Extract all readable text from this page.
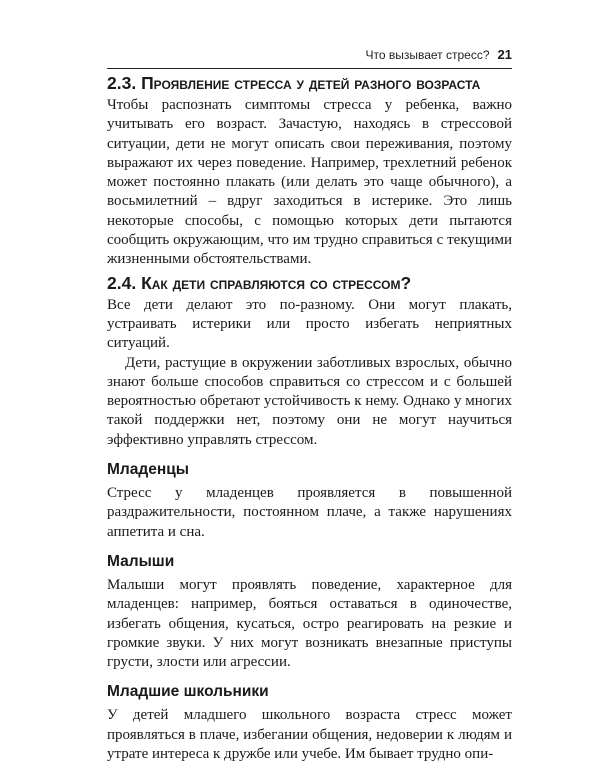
Что вызывает стресс? 21
2.3. Проявление стресса у детей разного возраста

Чтобы распознать симптомы стресса у ребенка, важно учитывать его возраст. Зачастую, находясь в стрессовой ситуации, дети не могут описать свои переживания, поэтому выражают их через поведение. Например, трехлетний ребенок может постоянно плакать (или делать это чаще обычного), а восьмилетний – вдруг заходиться в истерике. Это лишь некоторые способы, с помощью которых дети пытаются сообщить окружающим, что им трудно справиться с текущими жизненными обстоятельствами.

2.4. Как дети справляются со стрессом?

Все дети делают это по-разному. Они могут плакать, устраивать истерики или просто избегать неприятных ситуаций.

Дети, растущие в окружении заботливых взрослых, обычно знают больше способов справиться со стрессом и с большей вероятностью обретают устойчивость к нему. Однако у многих такой поддержки нет, поэтому они не могут научиться эффективно управлять стрессом.

Младенцы

Стресс у младенцев проявляется в повышенной раздражительности, постоянном плаче, а также нарушениях аппетита и сна.

Малыши

Малыши могут проявлять поведение, характерное для младенцев: например, бояться оставаться в одиночестве, избегать общения, кусаться, остро реагировать на резкие и громкие звуки. У них могут возникать внезапные приступы грусти, злости или агрессии.

Младшие школьники

У детей младшего школьного возраста стресс может проявляться в плаче, избегании общения, недоверии к людям и утрате интереса к дружбе или учебе. Им бывает трудно опи-
